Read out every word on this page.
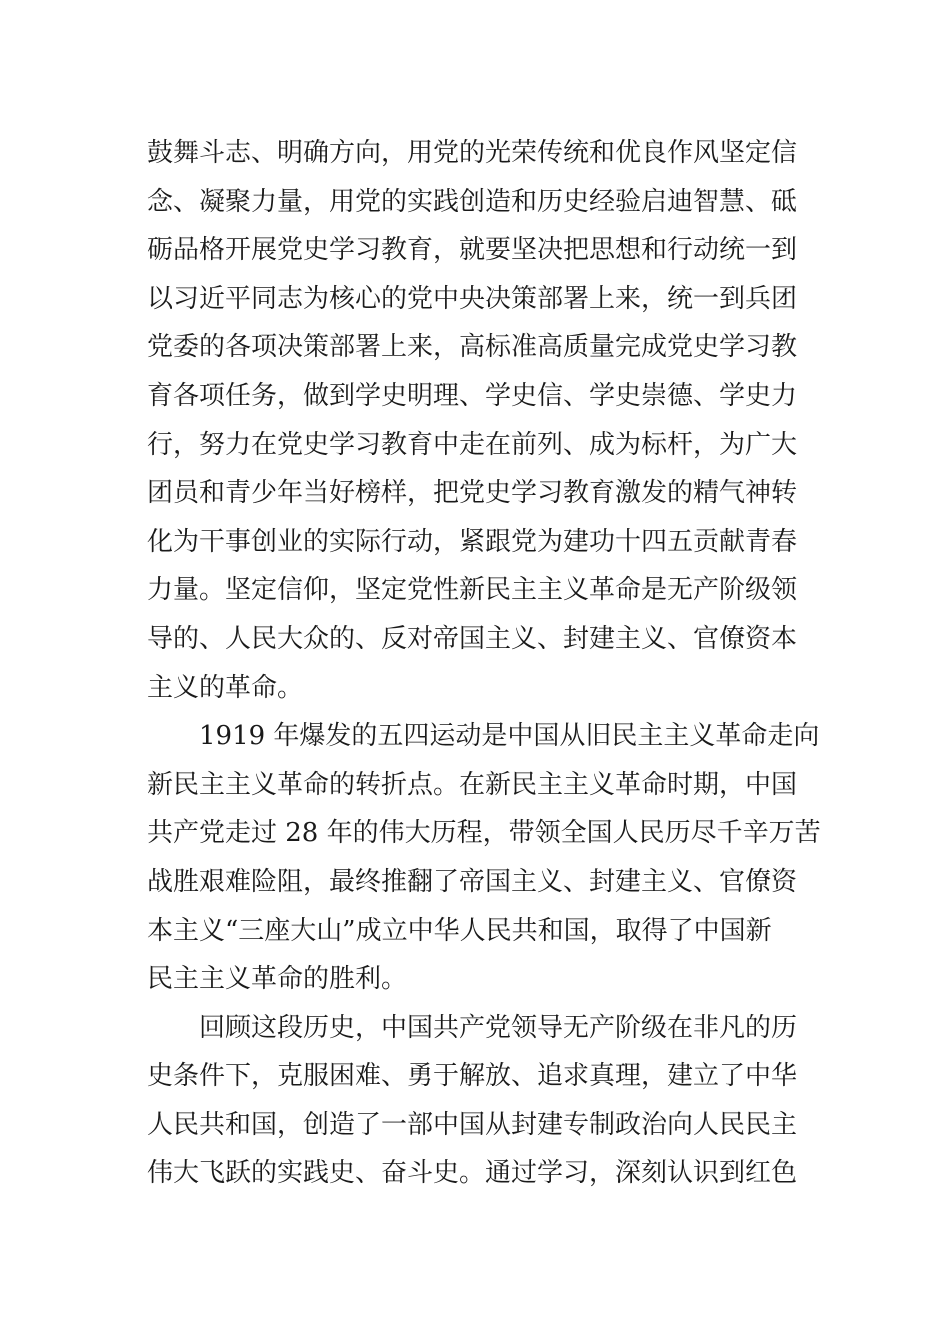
鼓舞斗志、明确方向，用党的光荣传统和优良作风坚定信
念、凝聚力量，用党的实践创造和历史经验启迪智慧、砥
砺品格开展党史学习教育，就要坚决把思想和行动统一到
以习近平同志为核心的党中央决策部署上来，统一到兵团
党委的各项决策部署上来，高标准高质量完成党史学习教
育各项任务，做到学史明理、学史信、学史崇德、学史力
行，努力在党史学习教育中走在前列、成为标杆，为广大
团员和青少年当好榜样，把党史学习教育激发的精气神转
化为干事创业的实际行动，紧跟党为建功十四五贡献青春
力量。坚定信仰，坚定党性新民主主义革命是无产阶级领
导的、人民大众的、反对帝国主义、封建主义、官僚资本
主义的革命。
1919 年爆发的五四运动是中国从旧民主主义革命走向
新民主主义革命的转折点。在新民主主义革命时期，中国
共产党走过 28 年的伟大历程，带领全国人民历尽千辛万苦
战胜艰难险阻，最终推翻了帝国主义、封建主义、官僚资
本主义“三座大山”成立中华人民共和国，取得了中国新
民主主义革命的胜利。
回顾这段历史，中国共产党领导无产阶级在非凡的历
史条件下，克服困难、勇于解放、追求真理，建立了中华
人民共和国，创造了一部中国从封建专制政治向人民民主
伟大飞跃的实践史、奋斗史。通过学习，深刻认识到红色
